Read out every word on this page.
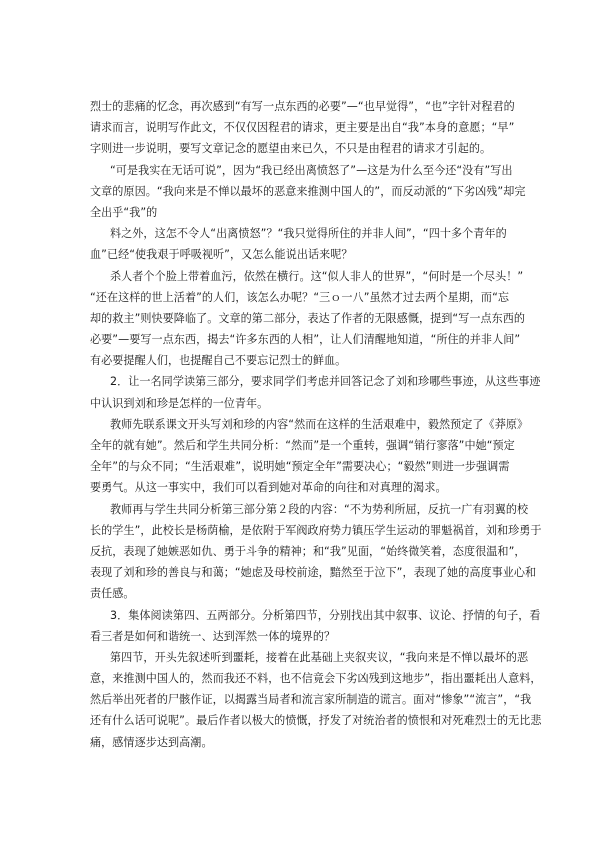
烈士的悲痛的忆念，再次感到“有写一点东西的必要”—“也早觉得”，“也”字针对程君的
请求而言，说明写作此文，不仅仅因程君的请求，更主要是出自“我”本身的意愿；“早”
字则进一步说明，要写文章记念的愿望由来已久，不只是由程君的请求才引起的。
“可是我实在无话可说”，因为“我已经出离愤怒了”—这是为什么至今还“没有”写出
文章的原因。“我向来是不惮以最坏的恶意来推测中国人的”，而反动派的“下劣凶残”却完
全出乎“我”的
料之外，这怎不令人“出离愤怒”？“我只觉得所住的并非人间”，“四十多个青年的
血”已经“使我艰于呼吸视听”，又怎么能说出话来呢？
杀人者个个脸上带着血污，依然在横行。这“似人非人的世界”，“何时是一个尽头！”
“还在这样的世上活着”的人们，该怎么办呢？“三ｏ一八”虽然才过去两个星期，而“忘
却的救主”则快要降临了。文章的第二部分，表达了作者的无限感慨，提到“写一点东西的
必要”—要写一点东西，揭去“许多东西的人相”，让人们清醒地知道，“所住的并非人间”
有必要提醒人们，也提醒自己不要忘记烈士的鲜血。
2．让一名同学读第三部分，要求同学们考虑并回答记念了刘和珍哪些事迹，从这些事迹
中认识到刘和珍是怎样的一位青年。
教师先联系课文开头写刘和珍的内容“然而在这样的生活艰难中，毅然预定了《莽原》
全年的就有她”。然后和学生共同分析：“然而”是一个重转，强调“销行寥落”中她“预定
全年”的与众不同；“生活艰难”，说明她“预定全年”需要决心；“毅然”则进一步强调需
要勇气。从这一事实中，我们可以看到她对革命的向往和对真理的渴求。
教师再与学生共同分析第三部分第２段的内容：“不为势利所屈，反抗一广有羽翼的校
长的学生”，此校长是杨荫榆，是依附于军阀政府势力镇压学生运动的罪魁祸首，刘和珍勇于
反抗，表现了她嫉恶如仇、勇于斗争的精神；和“我”见面，“始终微笑着，态度很温和”，
表现了刘和珍的善良与和蔼；“她虑及母校前途，黯然至于泣下”，表现了她的高度事业心和
责任感。
3．集体阅读第四、五两部分。分析第四节，分别找出其中叙事、议论、抒情的句子，看
看三者是如何和谐统一、达到浑然一体的境界的？
第四节，开头先叙述听到噩耗，接着在此基础上夹叙夹议，“我向来是不惮以最坏的恶
意，来推测中国人的，然而我还不料，也不信竟会下劣凶残到这地步”，指出噩耗出人意料，
然后举出死者的尸骸作证，以揭露当局者和流言家所制造的谎言。面对“惨象”“流言”，“我
还有什么话可说呢”。最后作者以极大的愤慨，抒发了对统治者的愤恨和对死难烈士的无比悲
痛，感情逐步达到高潮。
